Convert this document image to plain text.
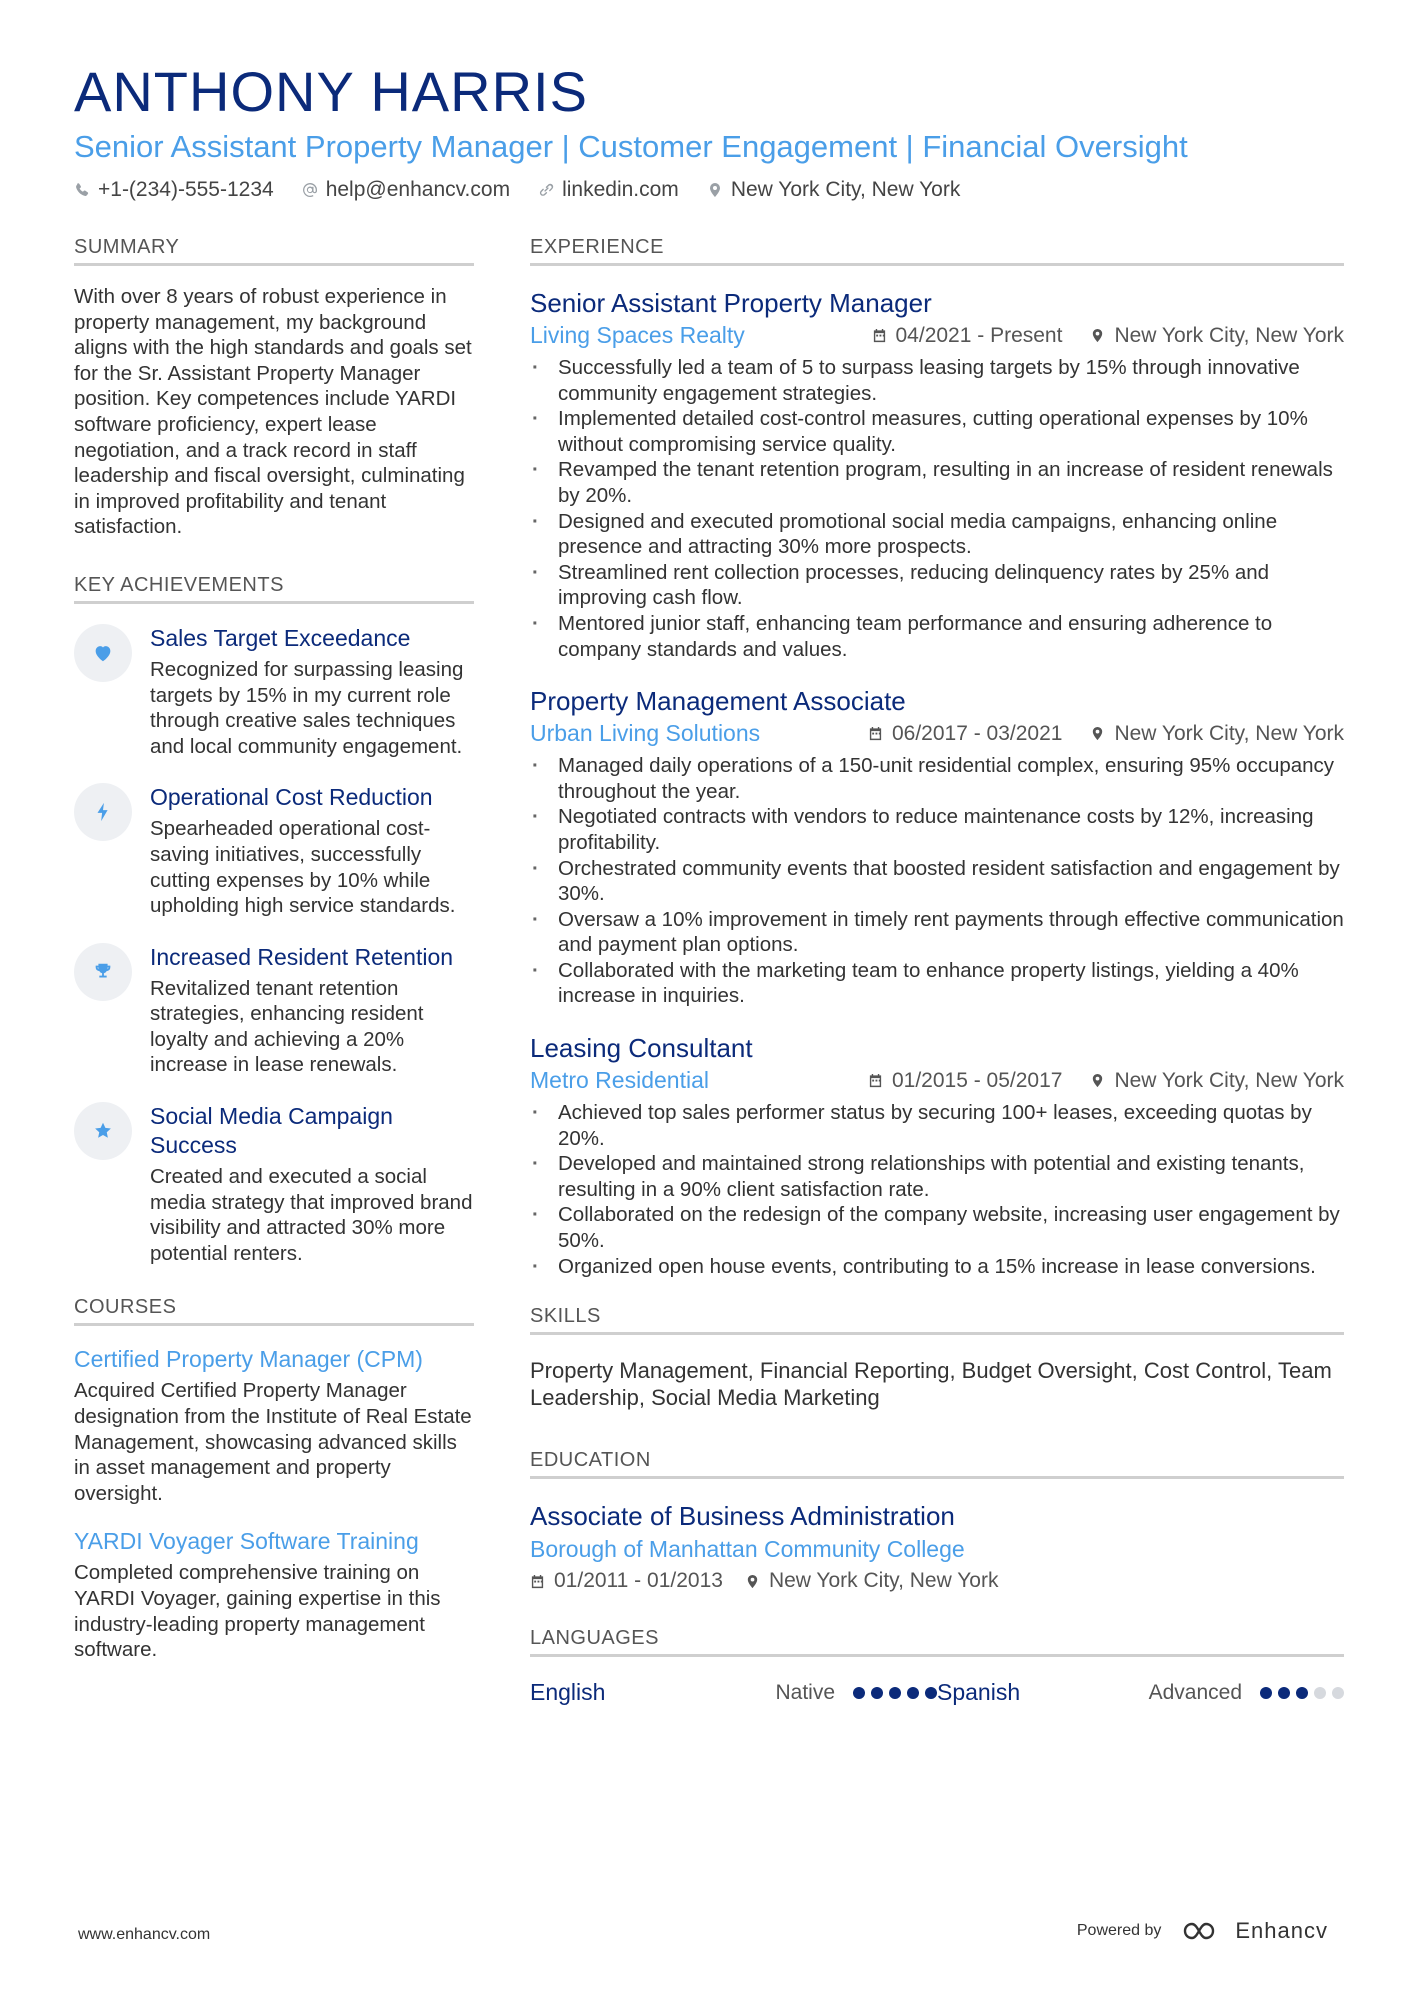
ANTHONY HARRIS
Senior Assistant Property Manager | Customer Engagement | Financial Oversight
+1-(234)-555-1234 help@enhancv.com linkedin.com New York City, New York
SUMMARY
With over 8 years of robust experience in property management, my background aligns with the high standards and goals set for the Sr. Assistant Property Manager position. Key competences include YARDI software proficiency, expert lease negotiation, and a track record in staff leadership and fiscal oversight, culminating in improved profitability and tenant satisfaction.
KEY ACHIEVEMENTS
Sales Target Exceedance
Recognized for surpassing leasing targets by 15% in my current role through creative sales techniques and local community engagement.
Operational Cost Reduction
Spearheaded operational cost-saving initiatives, successfully cutting expenses by 10% while upholding high service standards.
Increased Resident Retention
Revitalized tenant retention strategies, enhancing resident loyalty and achieving a 20% increase in lease renewals.
Social Media Campaign Success
Created and executed a social media strategy that improved brand visibility and attracted 30% more potential renters.
COURSES
Certified Property Manager (CPM)
Acquired Certified Property Manager designation from the Institute of Real Estate Management, showcasing advanced skills in asset management and property oversight.
YARDI Voyager Software Training
Completed comprehensive training on YARDI Voyager, gaining expertise in this industry-leading property management software.
EXPERIENCE
Senior Assistant Property Manager
Living Spaces Realty	04/2021 - Present New York City, New York
· Successfully led a team of 5 to surpass leasing targets by 15% through innovative community engagement strategies.
· Implemented detailed cost-control measures, cutting operational expenses by 10% without compromising service quality.
· Revamped the tenant retention program, resulting in an increase of resident renewals by 20%.
· Designed and executed promotional social media campaigns, enhancing online presence and attracting 30% more prospects.
· Streamlined rent collection processes, reducing delinquency rates by 25% and improving cash flow.
· Mentored junior staff, enhancing team performance and ensuring adherence to company standards and values.
Property Management Associate
Urban Living Solutions	06/2017 - 03/2021 New York City, New York
· Managed daily operations of a 150-unit residential complex, ensuring 95% occupancy throughout the year.
· Negotiated contracts with vendors to reduce maintenance costs by 12%, increasing profitability.
· Orchestrated community events that boosted resident satisfaction and engagement by 30%.
· Oversaw a 10% improvement in timely rent payments through effective communication and payment plan options.
· Collaborated with the marketing team to enhance property listings, yielding a 40% increase in inquiries.
Leasing Consultant
Metro Residential	01/2015 - 05/2017 New York City, New York
· Achieved top sales performer status by securing 100+ leases, exceeding quotas by 20%.
· Developed and maintained strong relationships with potential and existing tenants, resulting in a 90% client satisfaction rate.
· Collaborated on the redesign of the company website, increasing user engagement by 50%.
· Organized open house events, contributing to a 15% increase in lease conversions.
SKILLS
Property Management, Financial Reporting, Budget Oversight, Cost Control, Team Leadership, Social Media Marketing
EDUCATION
Associate of Business Administration
Borough of Manhattan Community College
01/2011 - 01/2013 New York City, New York
LANGUAGES
English	Native	Spanish	Advanced
www.enhancv.com	Powered by	Enhancv
